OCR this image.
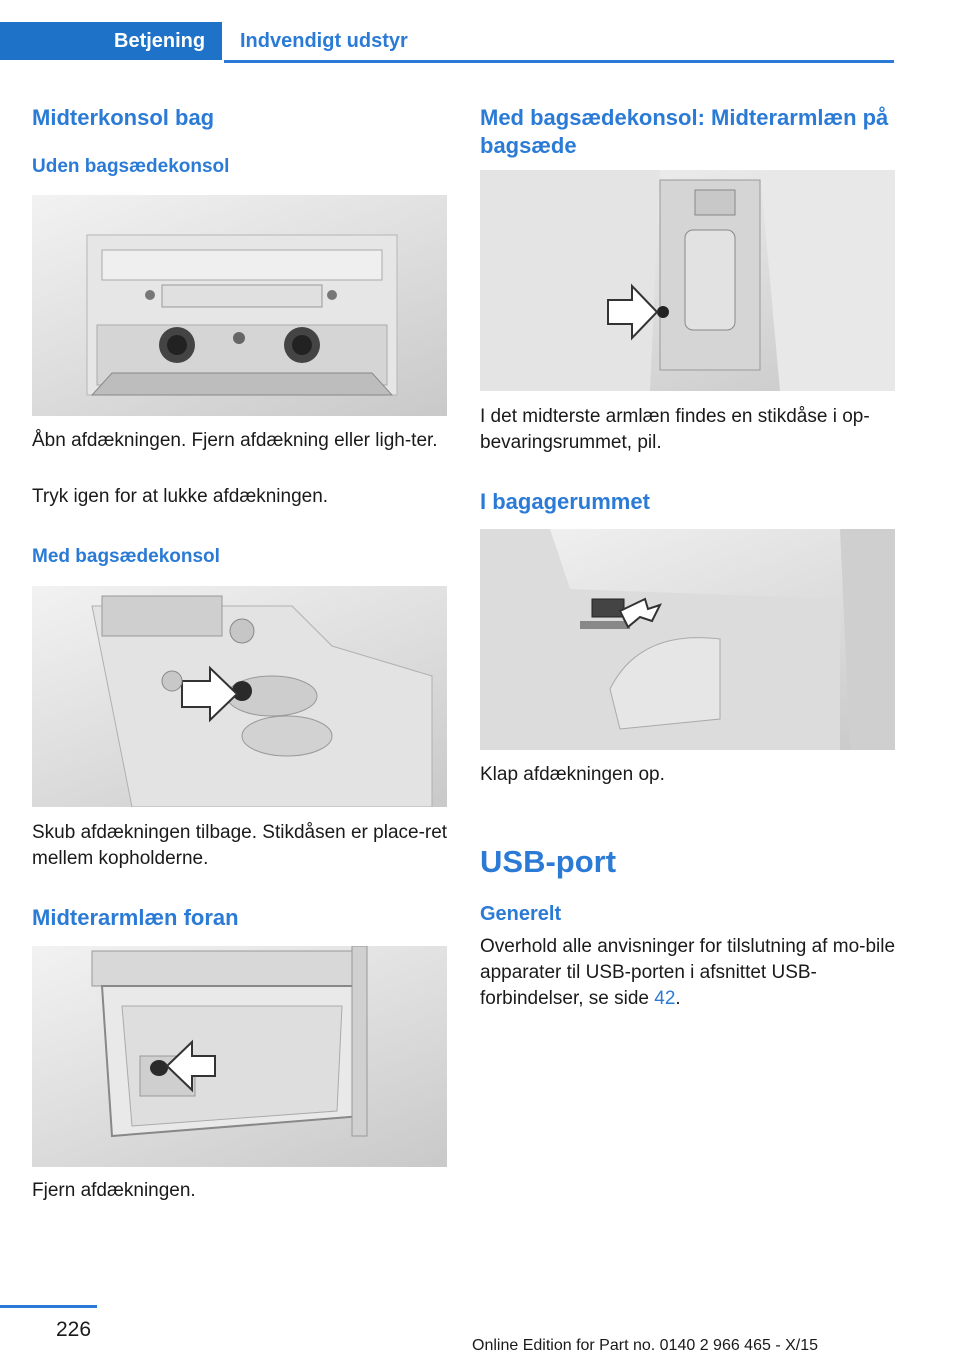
Betjening	Indvendigt udstyr
Midterkonsol bag
Uden bagsædekonsol

Åbn afdækningen. Fjern afdækning eller ligh‐ter.

Tryk igen for at lukke afdækningen.

Med bagsædekonsol

Skub afdækningen tilbage. Stikdåsen er place‐ret mellem kopholderne.

Midterarmlæn foran

Fjern afdækningen.

Med bagsædekonsol: Midterarmlæn på bagsæde

I det midterste armlæn findes en stikdåse i op‐bevaringsrummet, pil.

I bagagerummet

Klap afdækningen op.

USB-port
Generelt

Overhold alle anvisninger for tilslutning af mo‐bile apparater til USB-porten i afsnittet USB-forbindelser, se side 42.

226
Online Edition for Part no. 0140 2 966 465 - X/15
